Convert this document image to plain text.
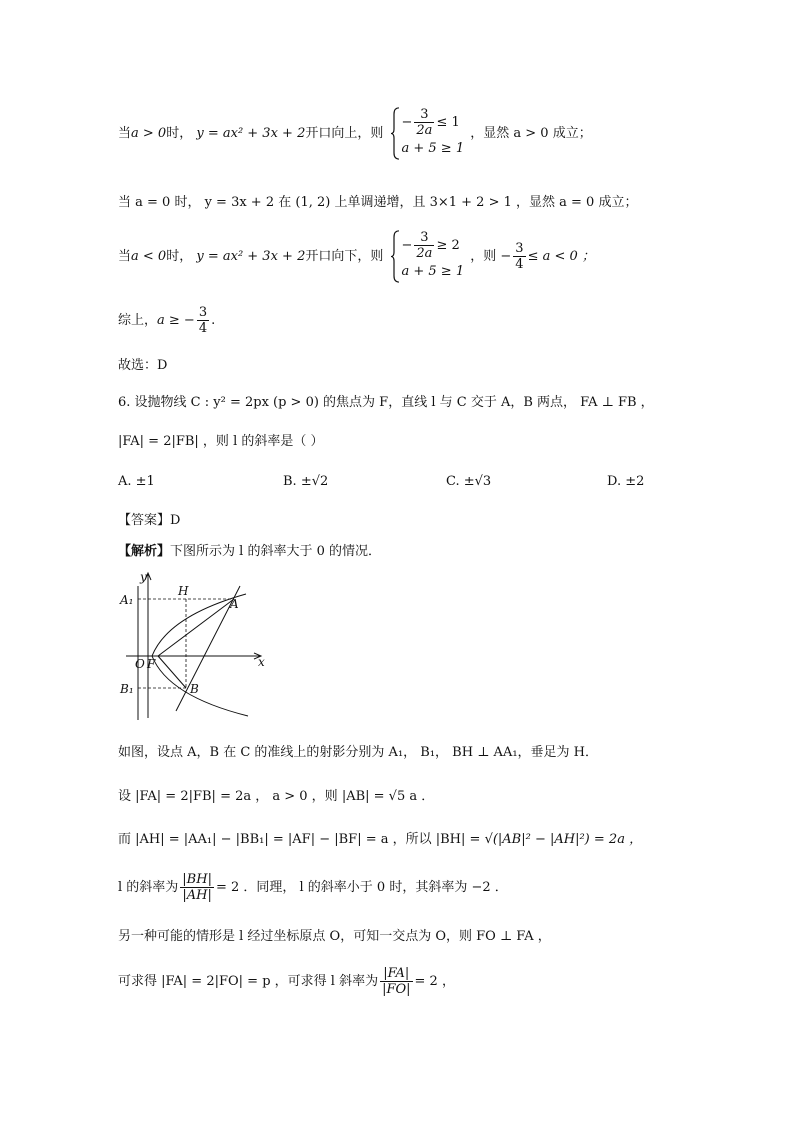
当a > 0时， y = ax² + 3x + 2开口向上，则
− $\frac{3}{2a} \le 1$
a + 5 ≥ 1
，显然 a > 0 成立；
当 a = 0 时， y = 3x + 2 在 (1, 2) 上单调递增，且 3×1 + 2 > 1 ，显然 a = 0 成立；
当a < 0时， y = ax² + 3x + 2开口向下，则
− $\frac{3}{2a} \ge 2$
a + 5 ≥ 1
，则 − $\frac{3}{4} \le a < 0$ ；
综上，a ≥ − $\frac{3}{4}$ .
故选：D
6. 设抛物线 C : y² = 2px (p > 0) 的焦点为 F，直线 l 与 C 交于 A，B 两点， FA ⊥ FB ，
|FA| = 2|FB| ，则 l 的斜率是（ ）
A. ±1	B. ±√2	C. ±√3	D. ±2
【答案】D
【解析】下图所示为 l 的斜率大于 0 的情况．
y
x
H
A
A₁
B
B₁
O F
如图，设点 A，B 在 C 的准线上的射影分别为 A₁， B₁， BH ⊥ AA₁，垂足为 H．
设 |FA| = 2|FB| = 2a ， a > 0 ，则 |AB| = √5 a ．
而 |AH| = |AA₁| − |BB₁| = |AF| − |BF| = a ，所以 |BH| = √(|AB|² − |AH|²) = 2a ，
l 的斜率为 $\frac{|BH|}{|AH|} = 2$ ．同理， l 的斜率小于 0 时，其斜率为 −2 ．
另一种可能的情形是 l 经过坐标原点 O，可知一交点为 O，则 FO ⊥ FA ，
可求得 |FA| = 2|FO| = p ，可求得 l 斜率为 $\frac{|FA|}{|FO|} = 2$ ，
